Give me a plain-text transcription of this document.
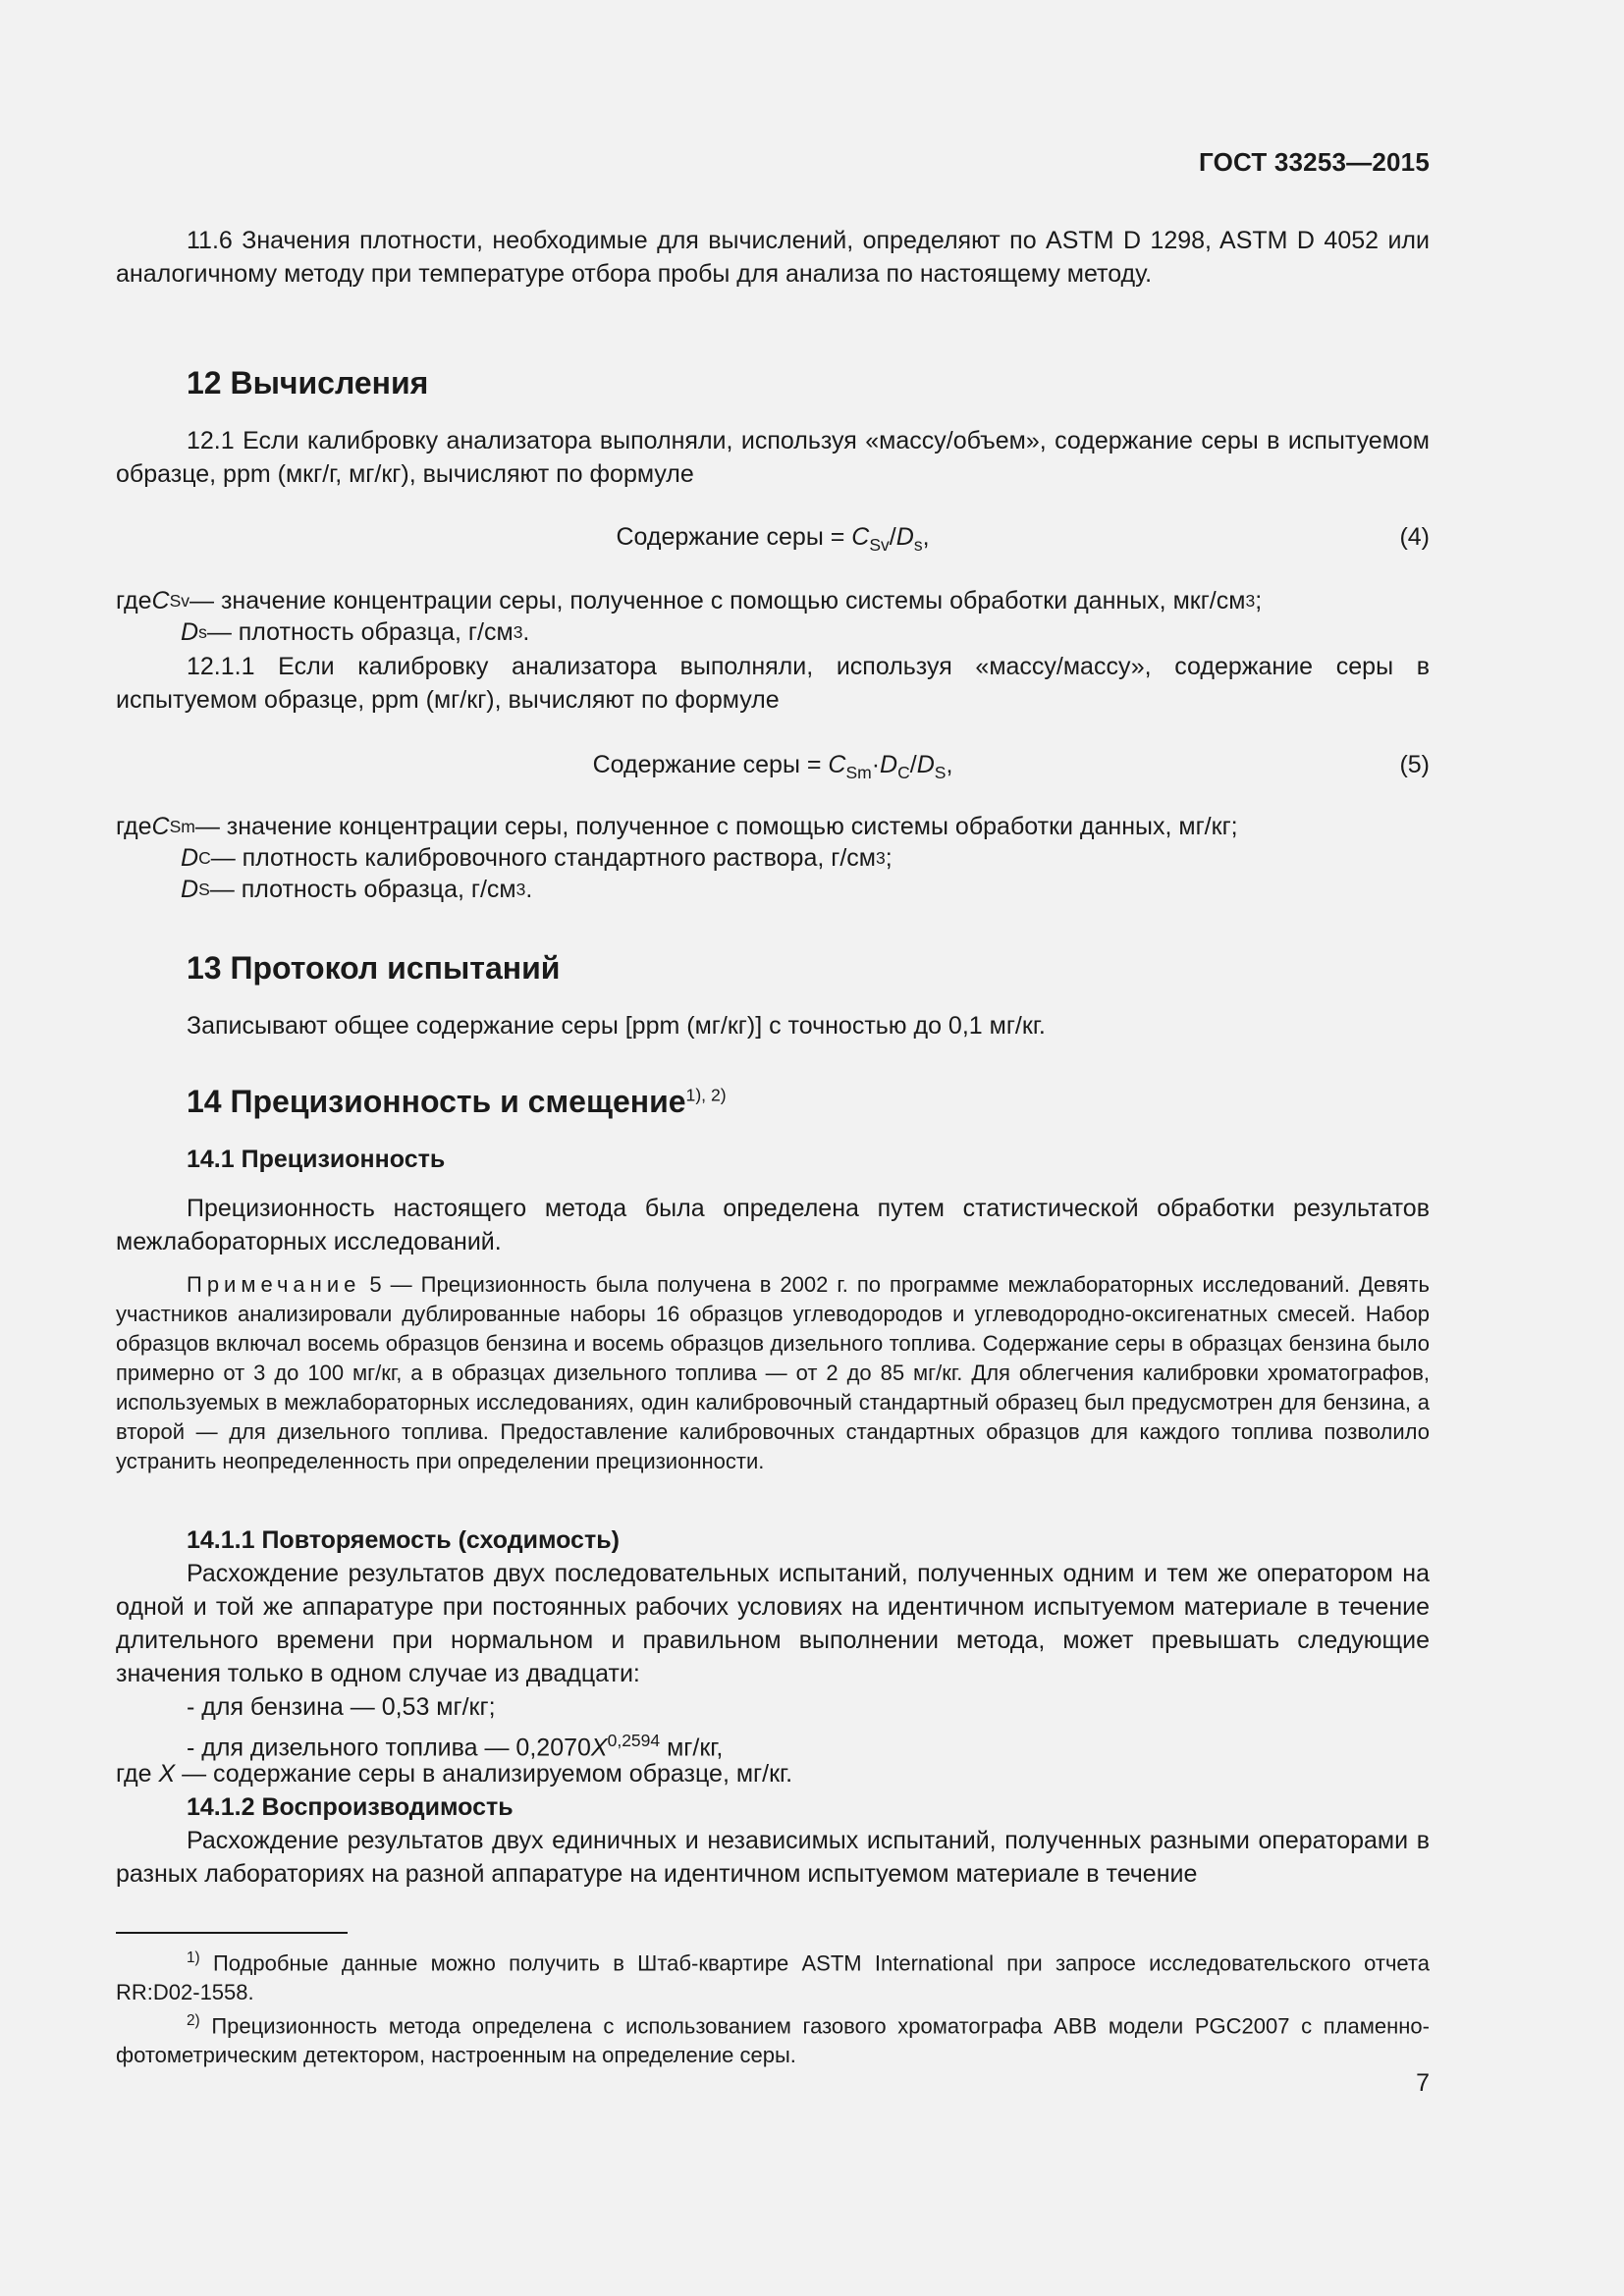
ГОСТ 33253—2015

11.6 Значения плотности, необходимые для вычислений, определяют по ASTM D 1298, ASTM D 4052 или аналогичному методу при температуре отбора пробы для анализа по настоящему методу.

12 Вычисления

12.1 Если калибровку анализатора выполняли, используя «массу/объем», содержание серы в испытуемом образце, ppm (мкг/г, мг/кг), вычисляют по формуле

Содержание серы = $C_{Sv}/D_s$,	(4)
где C Sv — значение концентрации серы, полученное с помощью системы обработки данных, мкг/см 3 ;
D s — плотность образца, г/см 3 .

12.1.1 Если калибровку анализатора выполняли, используя «массу/массу», содержание серы в испытуемом образце, ppm (мг/кг), вычисляют по формуле

Содержание серы = $C_{Sm}\cdot D_C/D_S$,	(5)
где C Sm — значение концентрации серы, полученное с помощью системы обработки данных, мг/кг;
D C — плотность калибровочного стандартного раствора, г/см 3 ;
D S — плотность образца, г/см 3 .
13 Протокол испытаний

Записывают общее содержание серы [ppm (мг/кг)] с точностью до 0,1 мг/кг.

14 Прецизионность и смещение$^{1), 2)}$
14.1 Прецизионность

Прецизионность настоящего метода была определена путем статистической обработки результатов межлабораторных исследований.

Примечание 5 — Прецизионность была получена в 2002 г. по программе межлабораторных исследований. Девять участников анализировали дублированные наборы 16 образцов углеводородов и углеводородно-оксигенатных смесей. Набор образцов включал восемь образцов бензина и восемь образцов дизельного топлива. Содержание серы в образцах бензина было примерно от 3 до 100 мг/кг, а в образцах дизельного топлива — от 2 до 85 мг/кг. Для облегчения калибровки хроматографов, используемых в межлабораторных исследованиях, один калибровочный стандартный образец был предусмотрен для бензина, а второй — для дизельного топлива. Предоставление калибровочных стандартных образцов для каждого топлива позволило устранить неопределенность при определении прецизионности.

14.1.1 Повторяемость (сходимость)

Расхождение результатов двух последовательных испытаний, полученных одним и тем же оператором на одной и той же аппаратуре при постоянных рабочих условиях на идентичном испытуемом материале в течение длительного времени при нормальном и правильном выполнении метода, может превышать следующие значения только в одном случае из двадцати:

- для бензина — 0,53 мг/кг;
- для дизельного топлива — $0,2070X^{0,2594}$ мг/кг,
где X — содержание серы в анализируемом образце, мг/кг.
14.1.2 Воспроизводимость

Расхождение результатов двух единичных и независимых испытаний, полученных разными операторами в разных лабораториях на разной аппаратуре на идентичном испытуемом материале в течение

$^{1)}$ Подробные данные можно получить в Штаб-квартире ASTM International при запросе исследовательского отчета RR:D02-1558.

$^{2)}$ Прецизионность метода определена с использованием газового хроматографа ABB модели PGC2007 с пламенно-фотометрическим детектором, настроенным на определение серы.

7
